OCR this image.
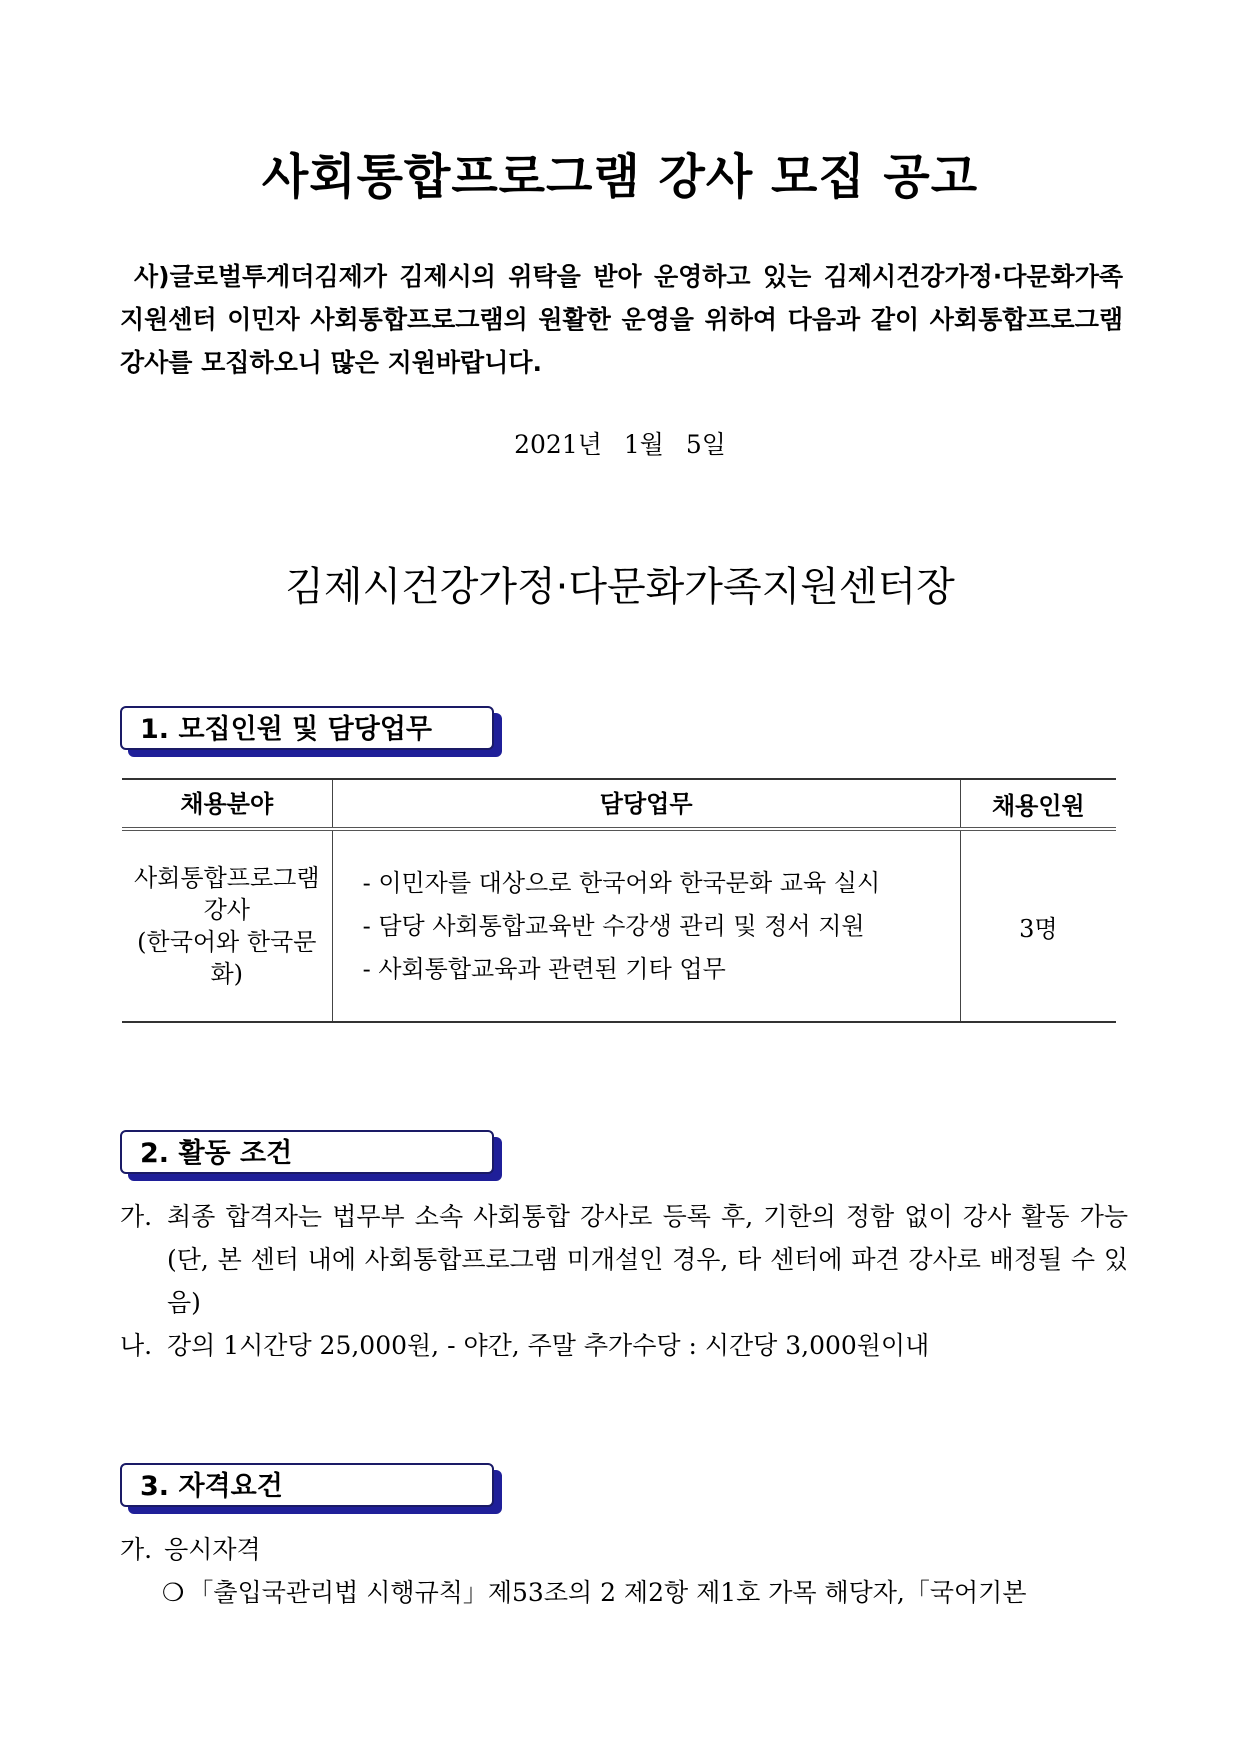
사회통합프로그램 강사 모집 공고
사)글로벌투게더김제가 김제시의 위탁을 받아 운영하고 있는 김제시건강가정·다문화가족지원센터 이민자 사회통합프로그램의 원활한 운영을 위하여 다음과 같이 사회통합프로그램 강사를 모집하오니 많은 지원바랍니다.
2021년 1월 5일
김제시건강가정·다문화가족지원센터장
1. 모집인원 및 담당업무
채용분야	담당업무	채용인원

사회통합프로그램
강사
(한국어와 한국문화)	- 이민자를 대상으로 한국어와 한국문화 교육 실시
- 담당 사회통합교육반 수강생 관리 및 정서 지원
- 사회통합교육과 관련된 기타 업무	3명
2. 활동 조건
가. 최종 합격자는 법무부 소속 사회통합 강사로 등록 후, 기한의 정함 없이 강사 활동 가능(단, 본 센터 내에 사회통합프로그램 미개설인 경우, 타 센터에 파견 강사로 배정될 수 있음)
나. 강의 1시간당 25,000원, - 야간, 주말 추가수당 : 시간당 3,000원이내
3. 자격요건
가. 응시자격
❍ 「출입국관리법 시행규칙」제53조의 2 제2항 제1호 가목 해당자,「국어기본
